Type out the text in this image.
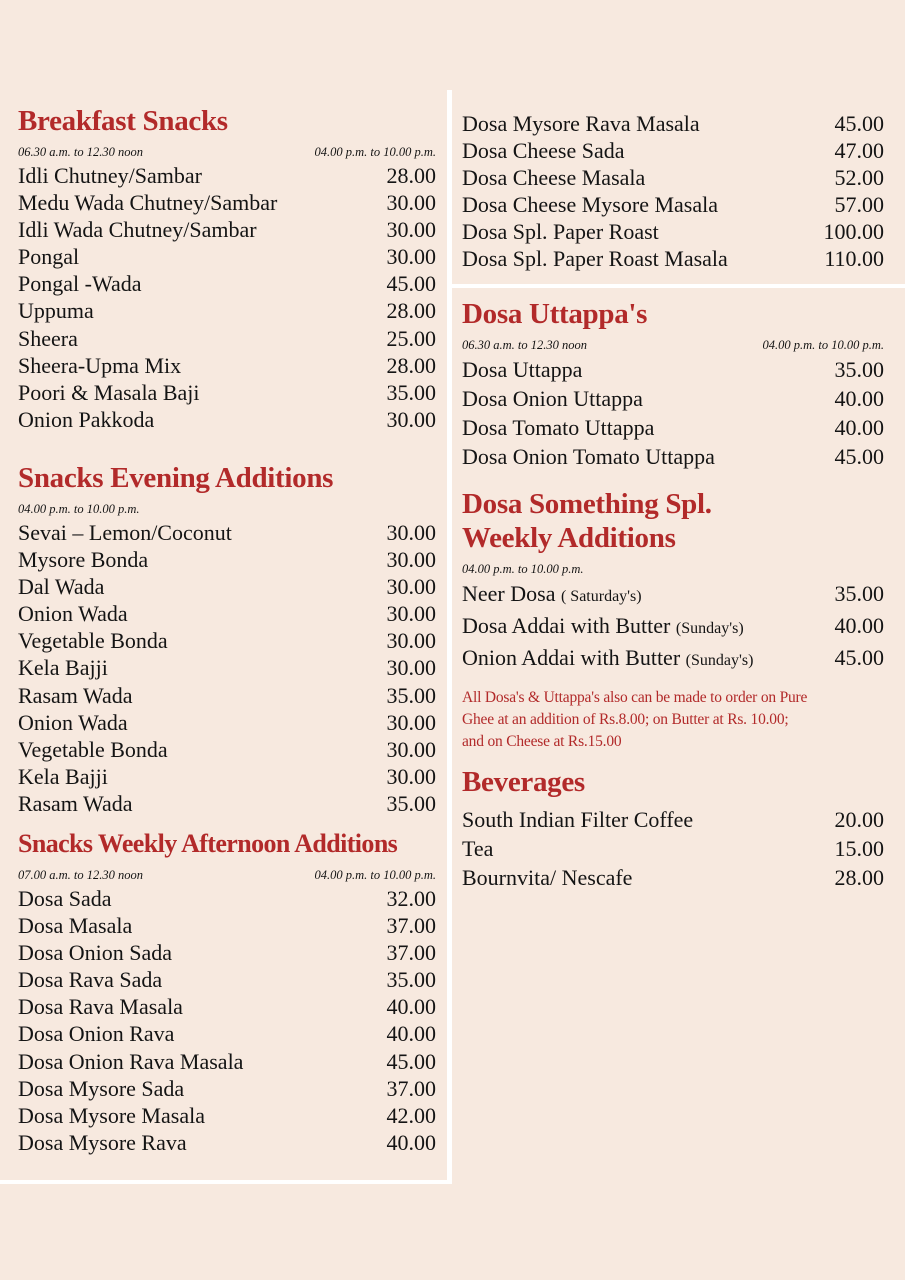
Breakfast Snacks
06.30 a.m. to 12.30 noon	04.00 p.m. to 10.00 p.m.
Idli Chutney/Sambar	28.00
Medu Wada Chutney/Sambar	30.00
Idli Wada Chutney/Sambar	30.00
Pongal	30.00
Pongal -Wada	45.00
Uppuma	28.00
Sheera	25.00
Sheera-Upma Mix	28.00
Poori & Masala Baji	35.00
Onion Pakkoda	30.00
Snacks Evening Additions
04.00 p.m. to 10.00 p.m.
Sevai – Lemon/Coconut	30.00
Mysore Bonda	30.00
Dal Wada	30.00
Onion Wada	30.00
Vegetable Bonda	30.00
Kela Bajji	30.00
Rasam Wada	35.00
Onion Wada	30.00
Vegetable Bonda	30.00
Kela Bajji	30.00
Rasam Wada	35.00
Snacks Weekly Afternoon Additions
07.00 a.m. to 12.30 noon	04.00 p.m. to 10.00 p.m.
Dosa Sada	32.00
Dosa Masala	37.00
Dosa Onion Sada	37.00
Dosa Rava Sada	35.00
Dosa Rava Masala	40.00
Dosa Onion Rava	40.00
Dosa Onion Rava Masala	45.00
Dosa Mysore Sada	37.00
Dosa Mysore Masala	42.00
Dosa Mysore Rava	40.00
Dosa Mysore Rava Masala	45.00
Dosa Cheese Sada	47.00
Dosa Cheese Masala	52.00
Dosa Cheese Mysore Masala	57.00
Dosa Spl. Paper Roast	100.00
Dosa Spl. Paper Roast Masala	110.00
Dosa Uttappa's
06.30 a.m. to 12.30 noon	04.00 p.m. to 10.00 p.m.
Dosa Uttappa	35.00
Dosa Onion Uttappa	40.00
Dosa Tomato Uttappa	40.00
Dosa Onion Tomato Uttappa	45.00
Dosa Something Spl.
Weekly Additions
04.00 p.m. to 10.00 p.m.
Neer Dosa ( Saturday's)	35.00
Dosa Addai with Butter (Sunday's)	40.00
Onion Addai with Butter (Sunday's)	45.00

All Dosa's & Uttappa's also can be made to order on Pure
Ghee at an addition of Rs.8.00; on Butter at Rs. 10.00;
and on Cheese at Rs.15.00

Beverages
South Indian Filter Coffee	20.00
Tea	15.00
Bournvita/ Nescafe	28.00
